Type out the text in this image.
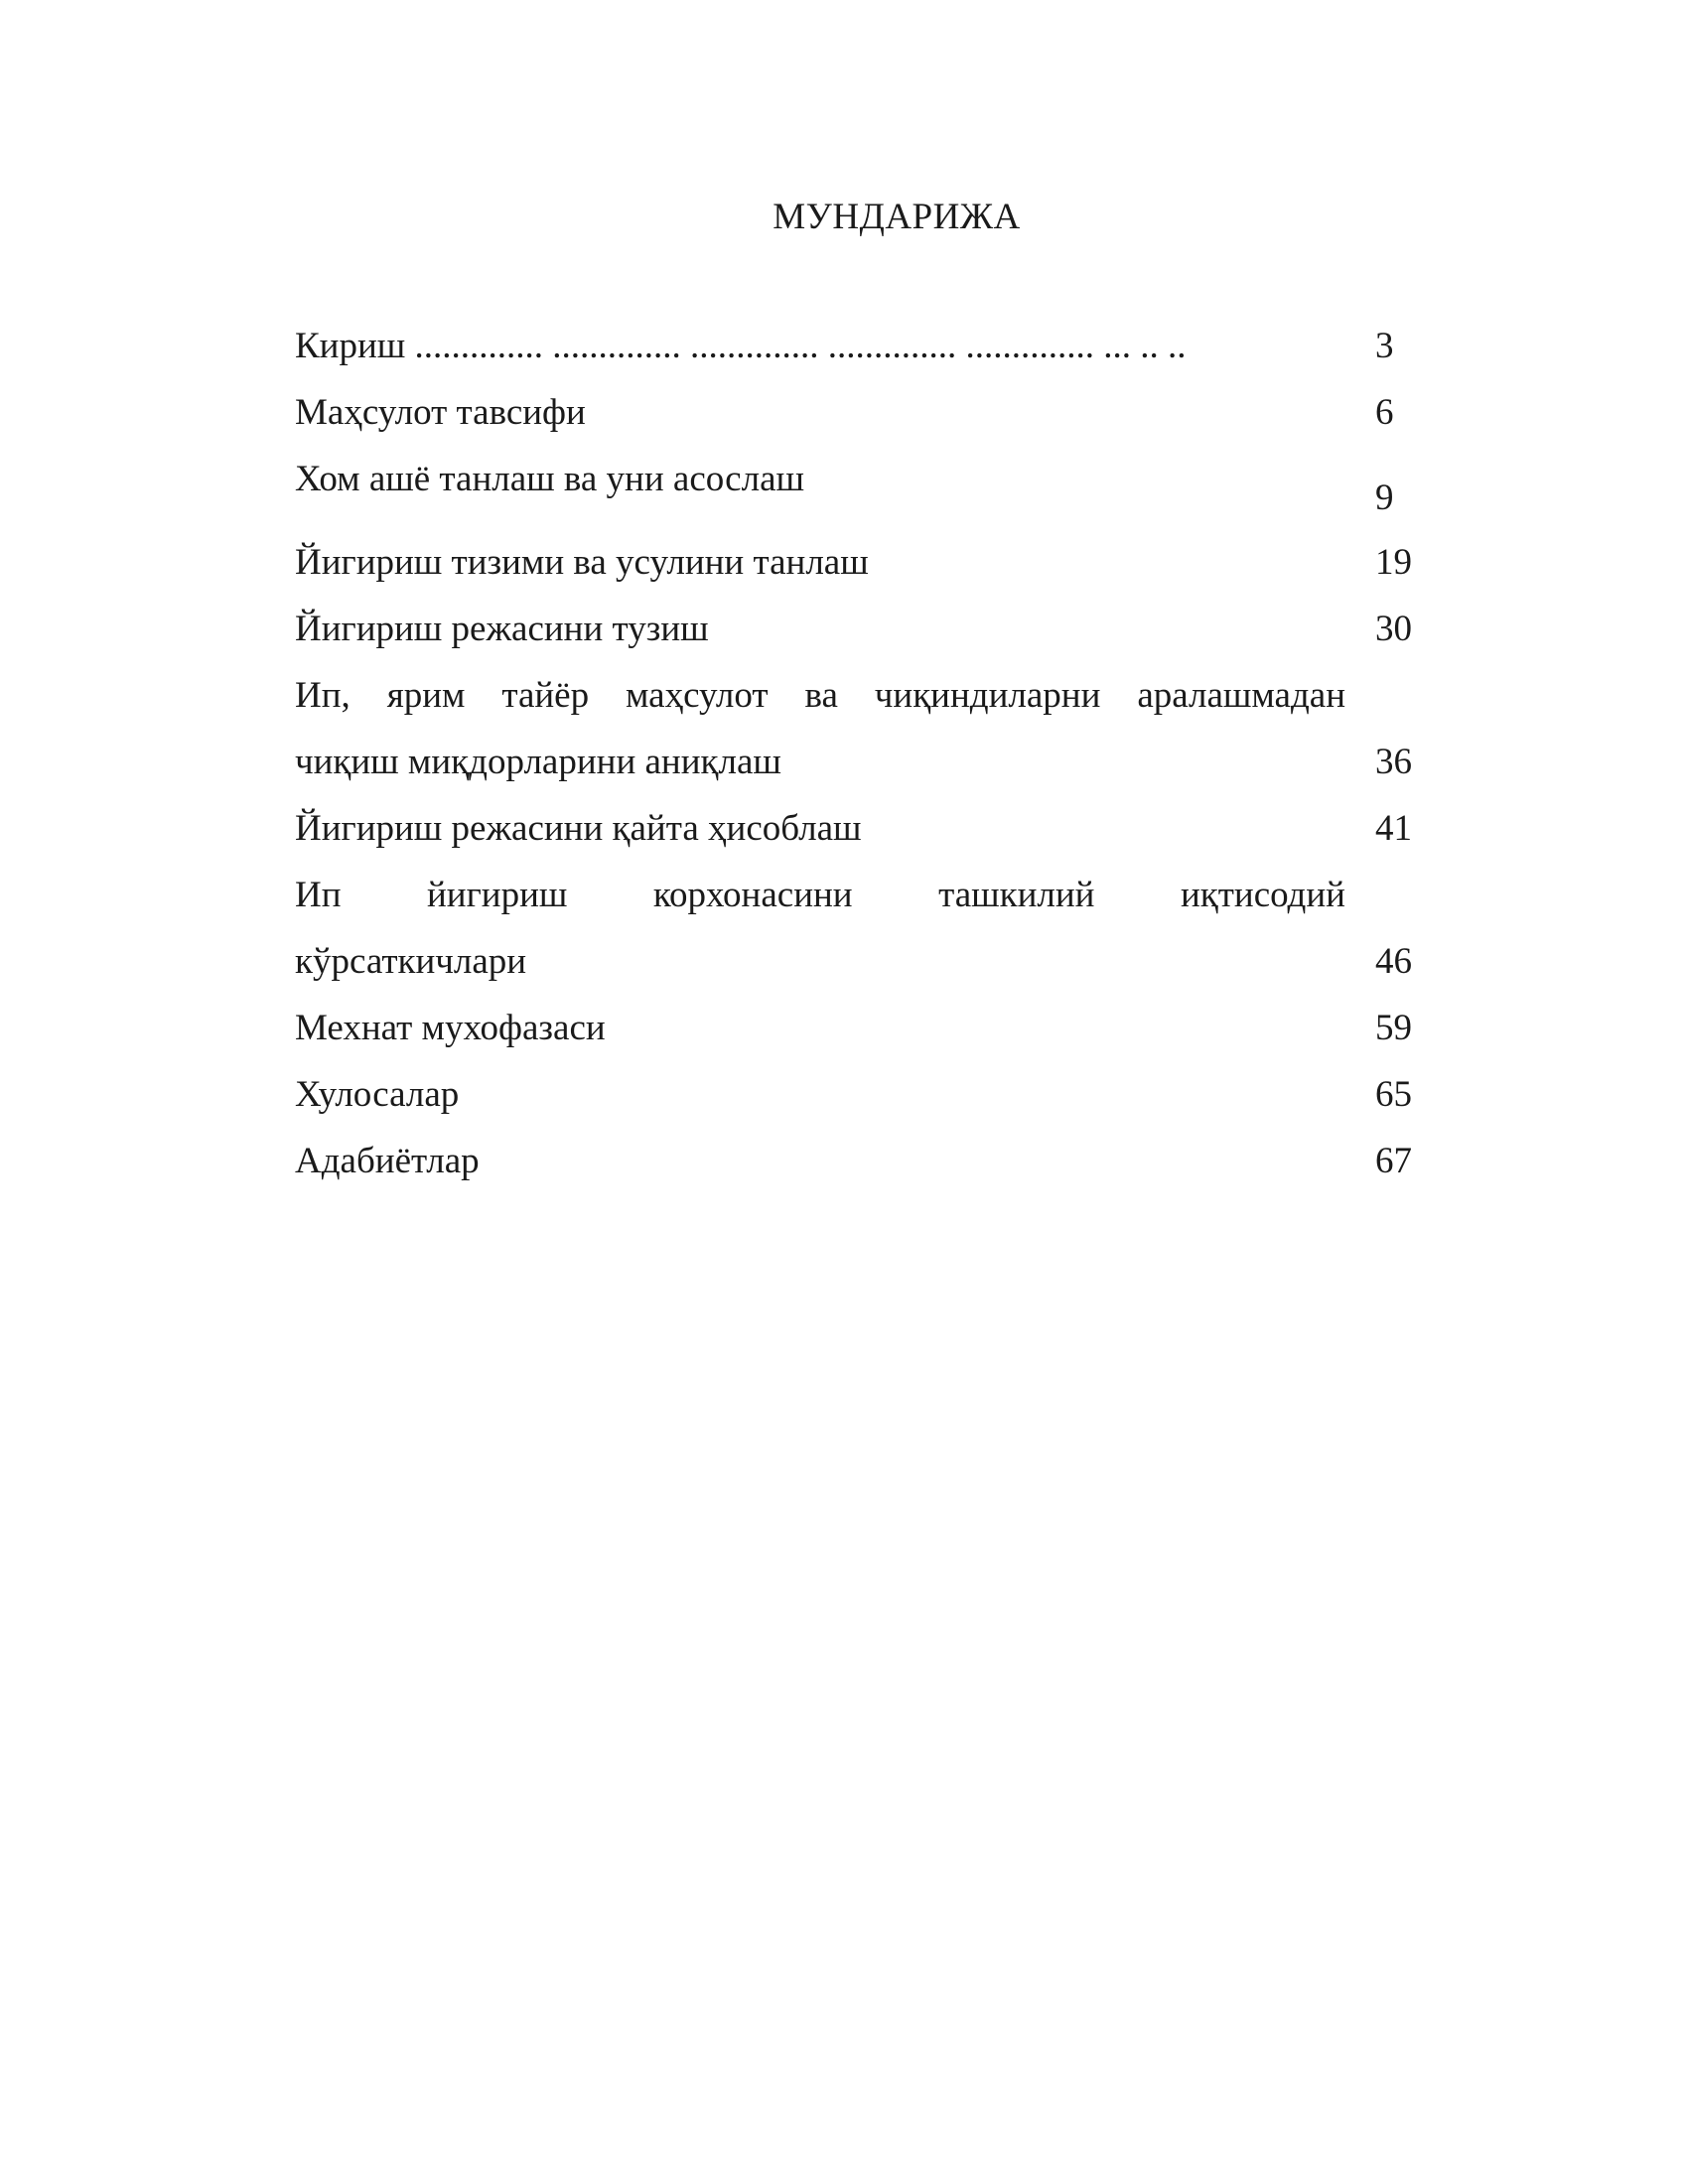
МУНДАРИЖА
Кириш .............. .............. .............. .............. .............. ... .. ..	3
Маҳсулот тавсифи	6
Хом ашё танлаш ва уни асослаш	9
Йигириш тизими ва усулини танлаш	19
Йигириш режасини тузиш	30
Ип, ярим тайёр маҳсулот ва чиқиндиларни аралашмадан
чиқиш миқдорларини аниқлаш	36
Йигириш режасини қайта ҳисоблаш	41
Ип йигириш корхонасини ташкилий иқтисодий
кўрсаткичлари	46
Мехнат мухофазаси	59
Хулосалар	65
Адабиётлар	67
